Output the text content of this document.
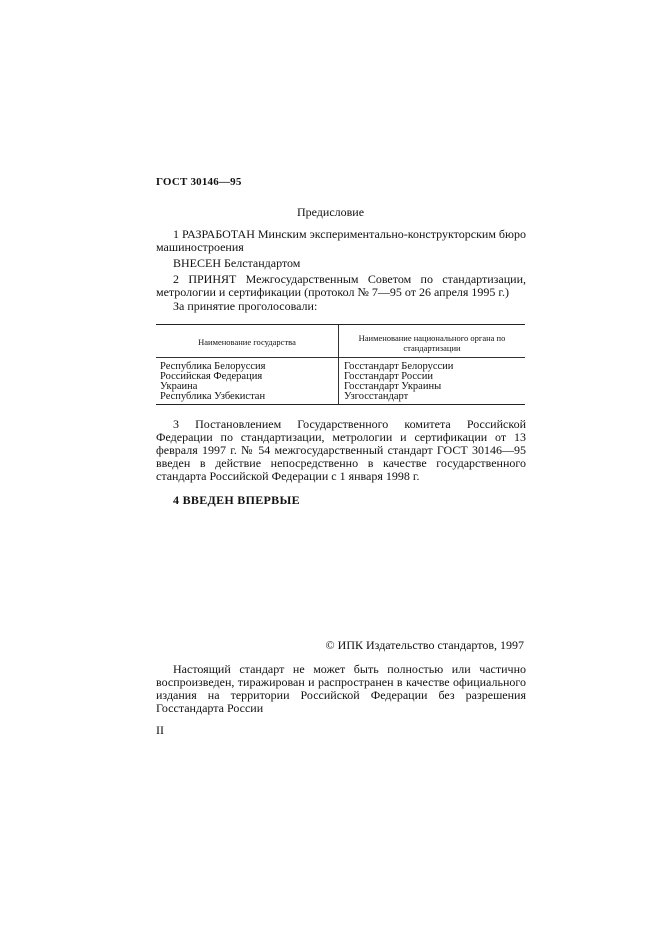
ГОСТ 30146—95
Предисловие
1 РАЗРАБОТАН Минским экспериментально-конструкторским бюро машиностроения
ВНЕСЕН Белстандартом
2 ПРИНЯТ Межгосударственным Советом по стандартизации, метрологии и сертификации (протокол № 7—95 от 26 апреля 1995 г.)
За принятие проголосовали:
Наименование государства	Наименование национального органа по стандартизации
Республика Белоруссия	Госстандарт Белоруссии
Российская Федерация	Госстандарт России
Украина	Госстандарт Украины
Республика Узбекистан	Узгосстандарт
3 Постановлением Государственного комитета Российской Федерации по стандартизации, метрологии и сертификации от 13 февраля 1997 г. № 54 межгосударственный стандарт ГОСТ 30146—95 введен в действие непосредственно в качестве государственного стандарта Российской Федерации с 1 января 1998 г.
4 ВВЕДЕН ВПЕРВЫЕ
© ИПК Издательство стандартов, 1997
Настоящий стандарт не может быть полностью или частично воспроизведен, тиражирован и распространен в качестве официального издания на территории Российской Федерации без разрешения Госстандарта России
II
